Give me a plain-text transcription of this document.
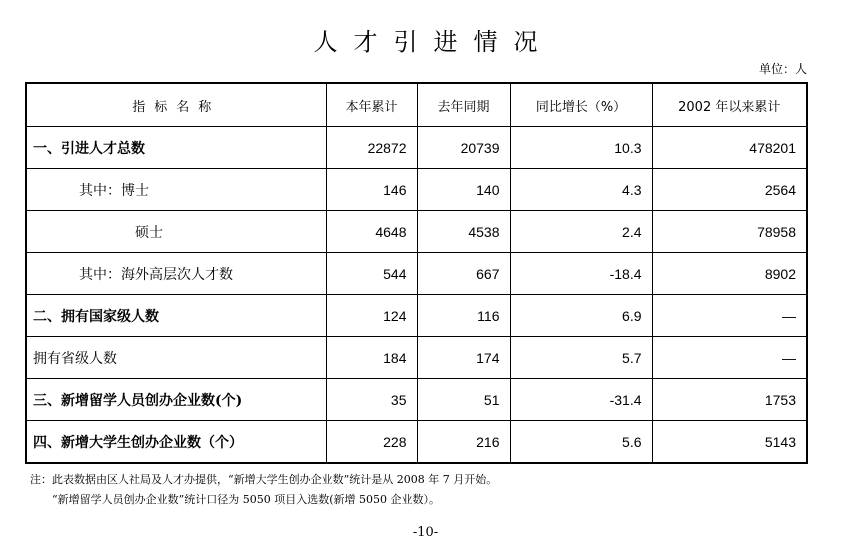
人才引进情况
单位：人
指标名称	本年累计	去年同期	同比增长（%）	2002 年以来累计
一、引进人才总数	22872	20739	10.3	478201
其中：博士	146	140	4.3	2564
硕士	4648	4538	2.4	78958
其中：海外高层次人才数	544	667	-18.4	8902
二、拥有国家级人数	124	116	6.9	—
拥有省级人数	184	174	5.7	—
三、新增留学人员创办企业数(个)	35	51	-31.4	1753
四、新增大学生创办企业数（个）	228	216	5.6	5143
注：此表数据由区人社局及人才办提供，“新增大学生创办企业数”统计是从 2008 年 7 月开始。
“新增留学人员创办企业数”统计口径为 5050 项目入选数(新增 5050 企业数）。
-10-
